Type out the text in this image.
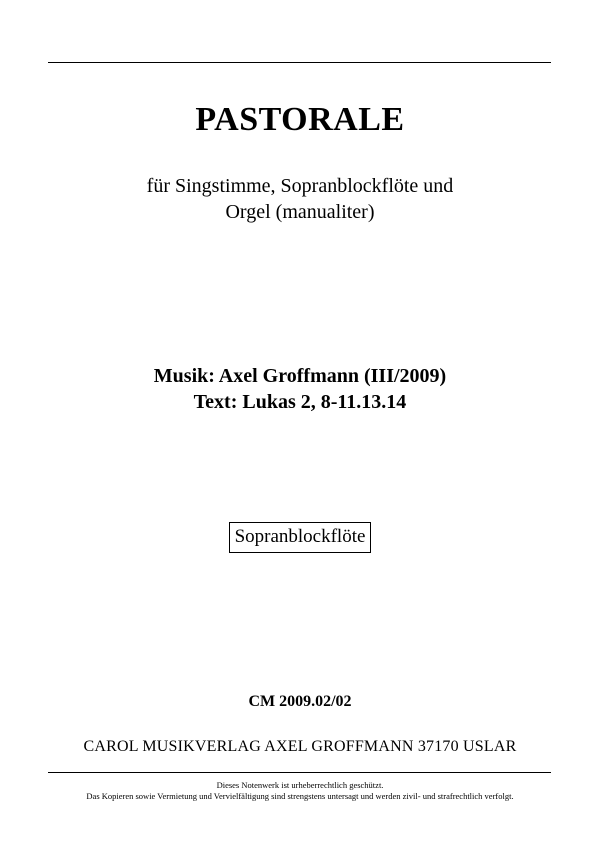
PASTORALE
für Singstimme, Sopranblockflöte und
Orgel (manualiter)
Musik: Axel Groffmann (III/2009)
Text: Lukas 2, 8-11.13.14
Sopranblockflöte
CM 2009.02/02
CAROL MUSIKVERLAG AXEL GROFFMANN 37170 USLAR
Dieses Notenwerk ist urheberrechtlich geschützt.
Das Kopieren sowie Vermietung und Vervielfältigung sind strengstens untersagt und werden zivil- und strafrechtlich verfolgt.
